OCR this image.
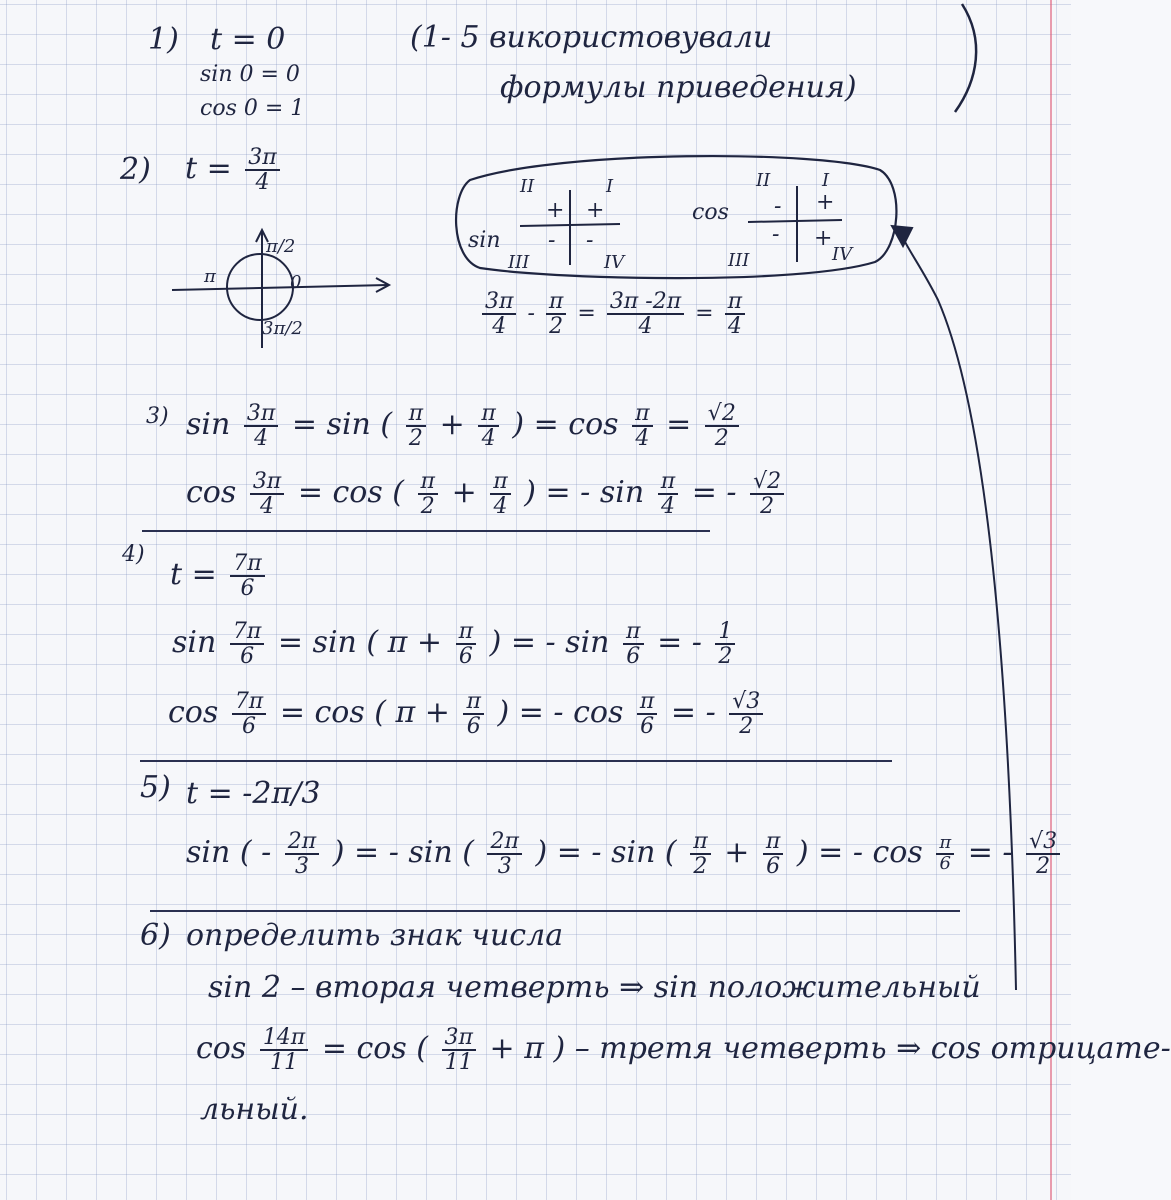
1) t = 0
sin 0 = 0
cos 0 = 1
(1- 5 використовували
формулы приведения)
2) $t = \frac{3\pi}{4}$
π/2
π	0
3π/2
sin
II	I
III	IV
+ +
- -
cos
II	I
III	IV
- +
- +
$\frac{3\pi}{4} - \frac{\pi}{2} = \frac{3\pi -2\pi}{4} = \frac{\pi}{4}$
3) $\sin \frac{3\pi}{4} = \sin$ ( $\frac{\pi}{2} + \frac{\pi}{4}$ ) = $\cos \frac{\pi}{4} = \frac{√2}{2}$
$\cos \frac{3\pi}{4} = \cos$ ( $\frac{\pi}{2} + \frac{\pi}{4}$ ) = - $\sin \frac{\pi}{4}$ = - $\frac{√2}{2}$
4)
$t = \frac{7\pi}{6}$
$\sin \frac{7\pi}{6} = \sin$ ( $\pi + \frac{\pi}{6}$ ) = - $\sin \frac{\pi}{6}$ = - $\frac{1}{2}$
$\cos \frac{7\pi}{6} = \cos$ ( $\pi + \frac{\pi}{6}$ ) = - $\cos \frac{\pi}{6}$ = - $\frac{√3}{2}$
5) t = -2π/3
sin ( - $\frac{2\pi}{3}$ ) = - sin ( $\frac{2\pi}{3}$ ) = - sin ( $\frac{\pi}{2} + \frac{\pi}{6}$ ) = - $\cos \frac{\pi}{6}$ = - $\frac{√3}{2}$
6) определить знак числа
sin 2 – вторая четверть ⇒ sin положительный
$\cos \frac{14\pi}{11} = \cos$ ( $\frac{3\pi}{11} + \pi$ ) – третя четверть ⇒ cos отрицате-
льный.
